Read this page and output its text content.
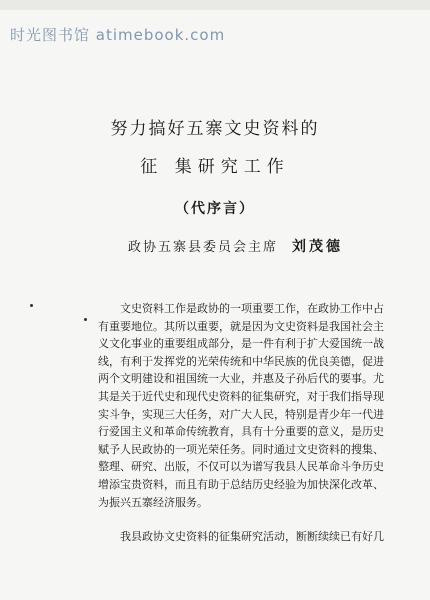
时光图书馆 atimebook.com
努力搞好五寨文史资料的
征 集研究工作
（代序言）
政协五寨县委员会主席 刘茂德
文史资料工作是政协的一项重要工作，在政协工作中占
有重要地位。其所以重要，就是因为文史资料是我国社会主
义文化事业的重要组成部分，是一件有利于扩大爱国统一战
线，有利于发挥党的光荣传统和中华民族的优良美德，促进
两个文明建设和祖国统一大业，并惠及子孙后代的要事。尤
其是关于近代史和现代史资料的征集研究，对于我们指导现
实斗争，实现三大任务，对广大人民，特别是青少年一代进
行爱国主义和革命传统教育，具有十分重要的意义，是历史
赋予人民政协的一项光荣任务。同时通过文史资料的搜集、
整理、研究、出版，不仅可以为谱写我县人民革命斗争历史
增添宝贵资料，而且有助于总结历史经验为加快深化改革、
为振兴五寨经济服务。
我县政协文史资料的征集研究活动，断断续续已有好几
